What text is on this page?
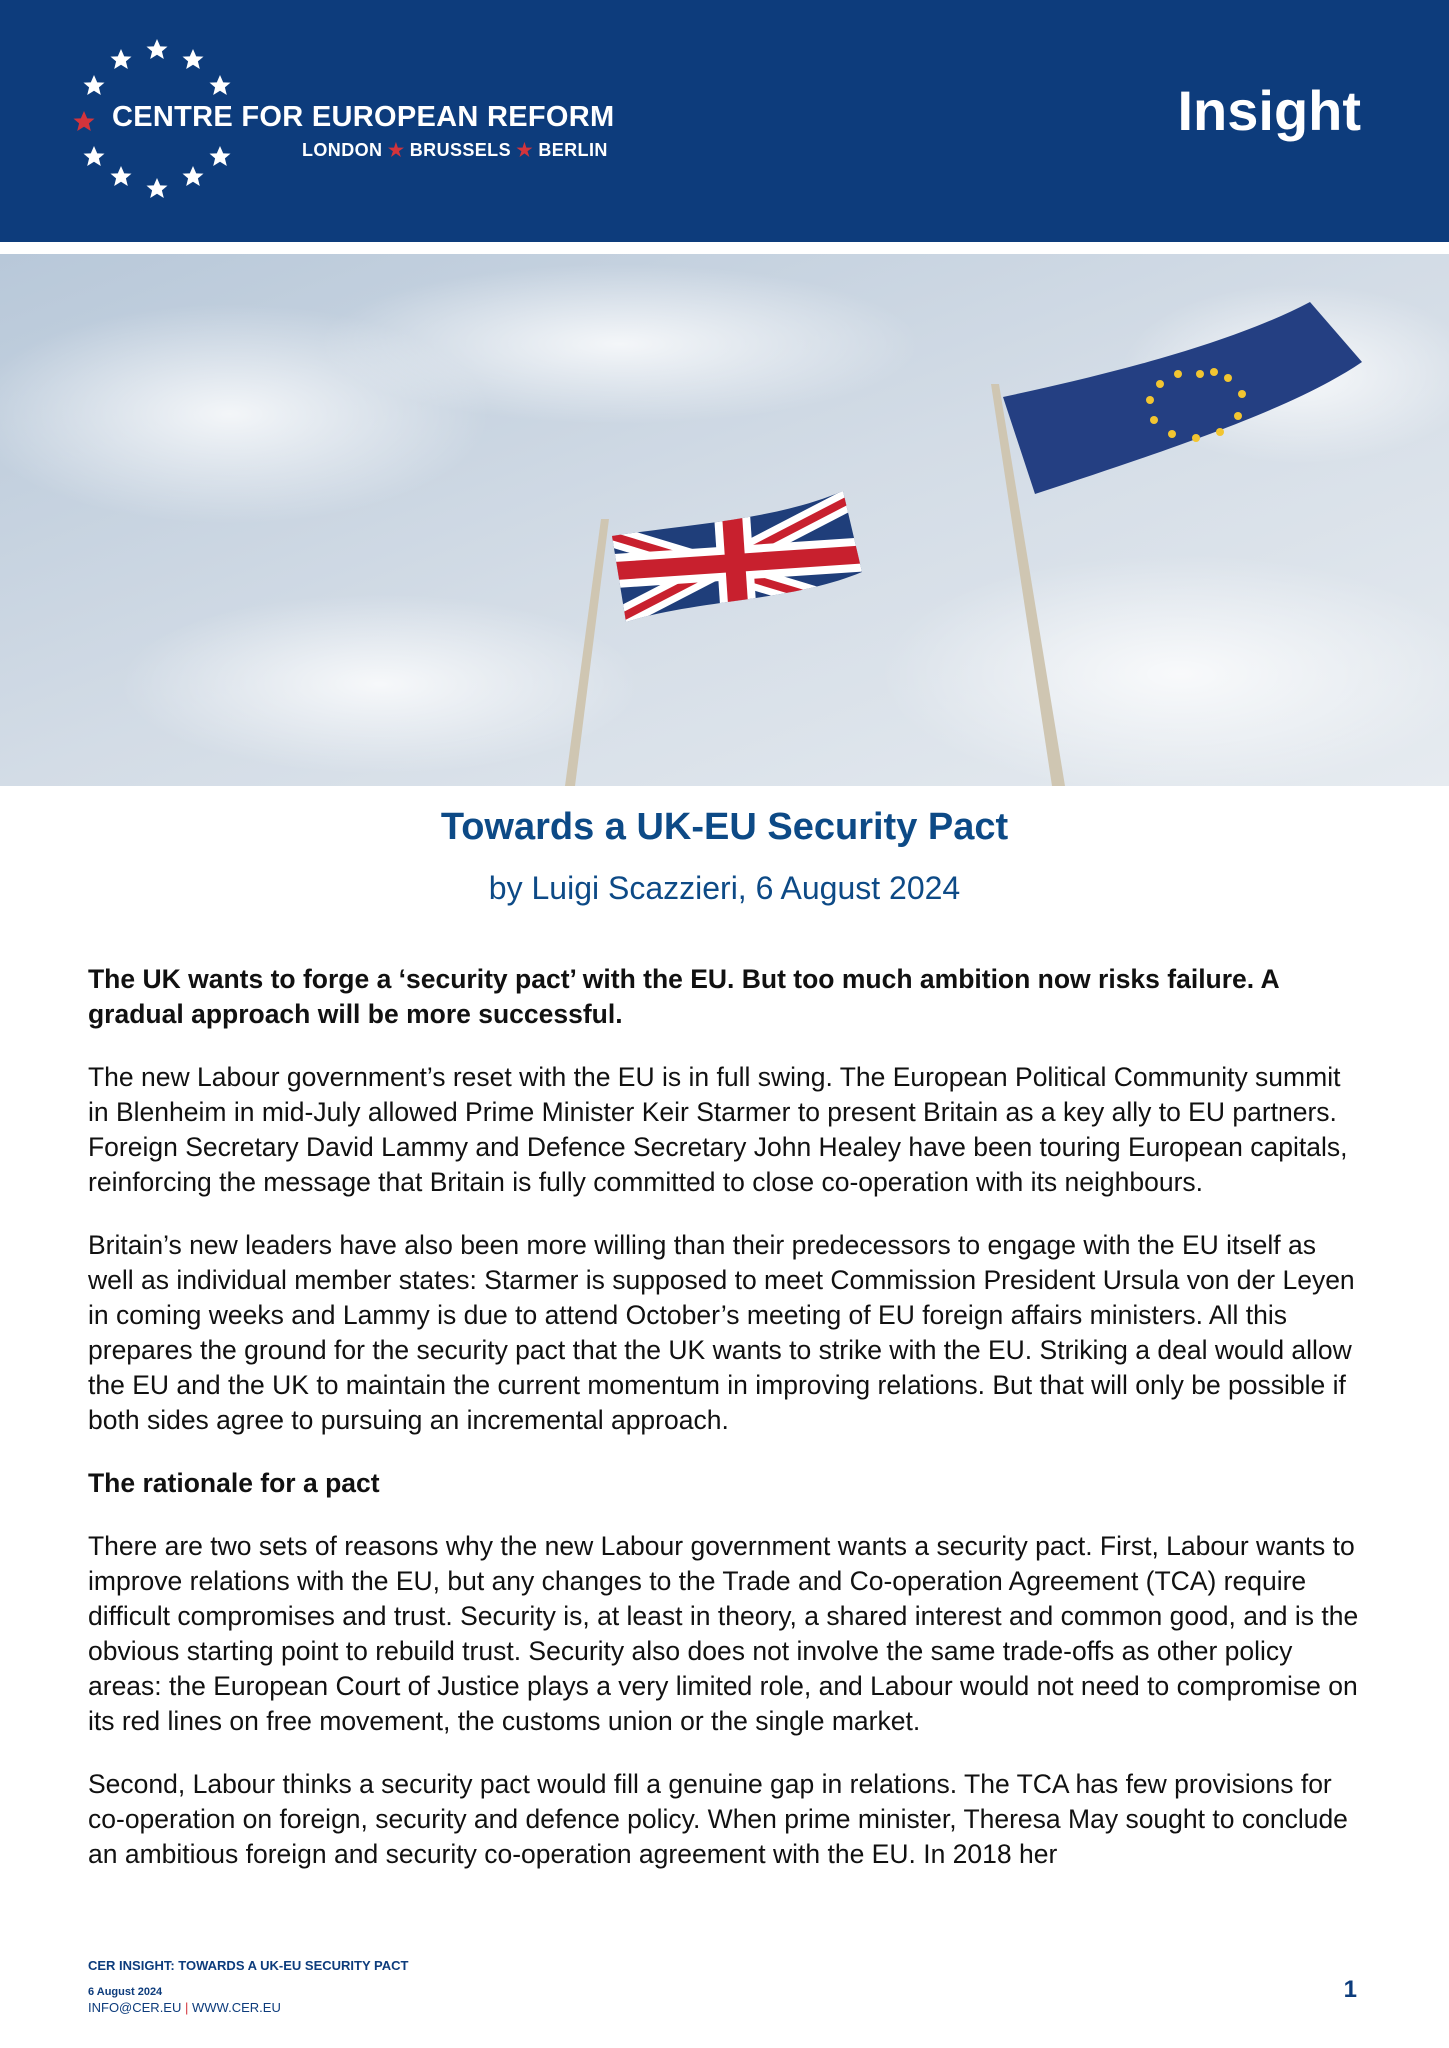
CENTRE FOR EUROPEAN REFORM
LONDON ★ BRUSSELS ★ BERLIN
Insight
Towards a UK-EU Security Pact
by Luigi Scazzieri, 6 August 2024

The UK wants to forge a ‘security pact’ with the EU. But too much ambition now risks failure. A gradual approach will be more successful.

The new Labour government’s reset with the EU is in full swing. The European Political Community summit in Blenheim in mid-July allowed Prime Minister Keir Starmer to present Britain as a key ally to EU partners. Foreign Secretary David Lammy and Defence Secretary John Healey have been touring European capitals, reinforcing the message that Britain is fully committed to close co-operation with its neighbours.

Britain’s new leaders have also been more willing than their predecessors to engage with the EU itself as well as individual member states: Starmer is supposed to meet Commission President Ursula von der Leyen in coming weeks and Lammy is due to attend October’s meeting of EU foreign affairs ministers. All this prepares the ground for the security pact that the UK wants to strike with the EU. Striking a deal would allow the EU and the UK to maintain the current momentum in improving relations. But that will only be possible if both sides agree to pursuing an incremental approach.

The rationale for a pact

There are two sets of reasons why the new Labour government wants a security pact. First, Labour wants to improve relations with the EU, but any changes to the Trade and Co-operation Agreement (TCA) require difficult compromises and trust. Security is, at least in theory, a shared interest and common good, and is the obvious starting point to rebuild trust. Security also does not involve the same trade-offs as other policy areas: the European Court of Justice plays a very limited role, and Labour would not need to compromise on its red lines on free movement, the customs union or the single market.

Second, Labour thinks a security pact would fill a genuine gap in relations. The TCA has few provisions for co-operation on foreign, security and defence policy. When prime minister, Theresa May sought to conclude an ambitious foreign and security co-operation agreement with the EU. In 2018 her

CER INSIGHT: TOWARDS A UK-EU SECURITY PACT
6 August 2024
INFO@CER.EU | WWW.CER.EU
1
